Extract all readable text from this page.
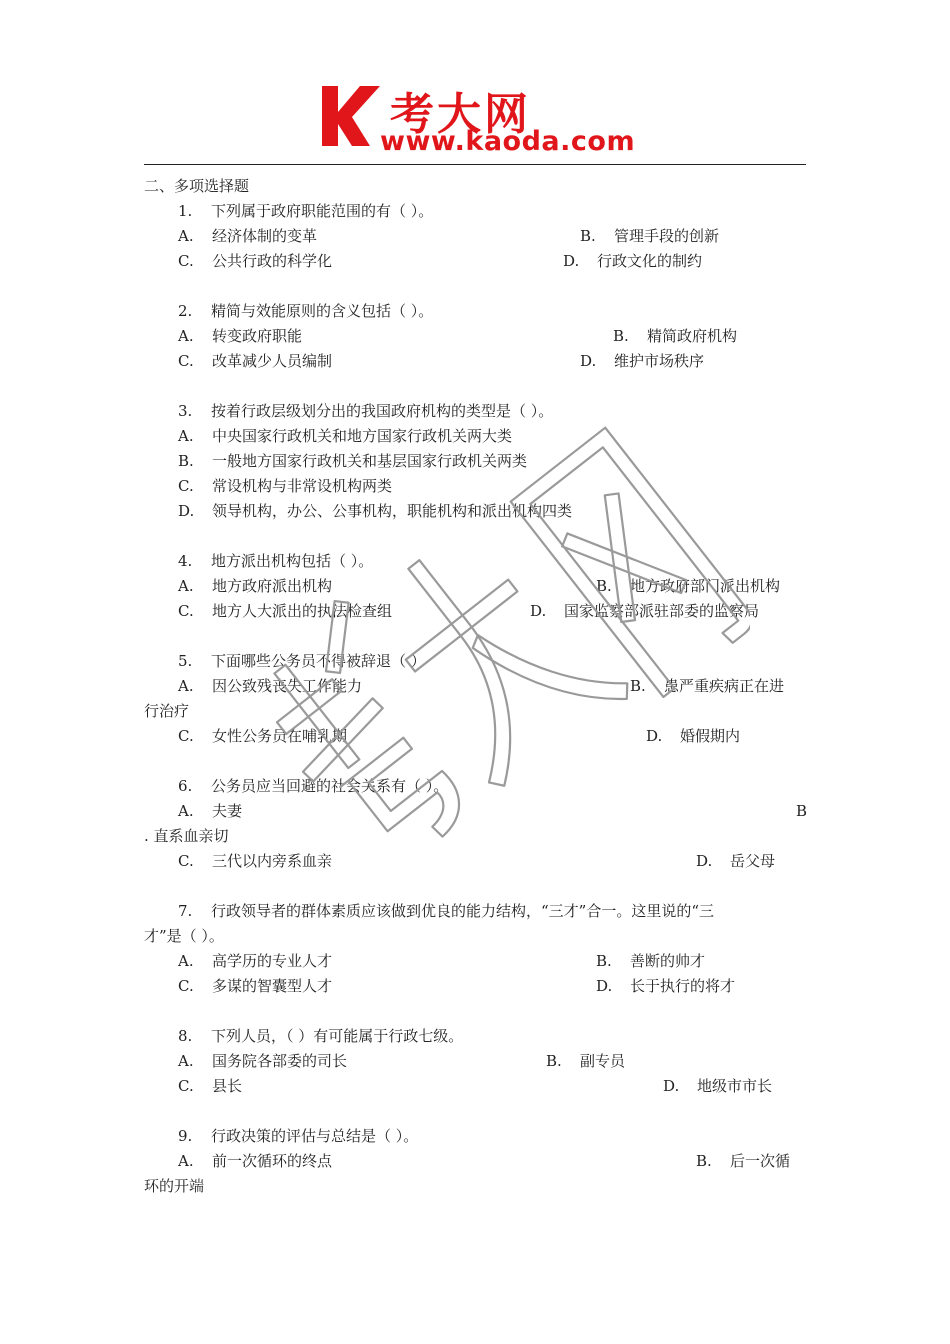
考大网
www.kaoda.com
二、多项选择题
1. 下列属于政府职能范围的有（ ）。
A. 经济体制的变革	B. 管理手段的创新
C. 公共行政的科学化	D. 行政文化的制约
2. 精简与效能原则的含义包括（ ）。
A. 转变政府职能	B. 精简政府机构
C. 改革减少人员编制	D. 维护市场秩序
3. 按着行政层级划分出的我国政府机构的类型是（ ）。
A. 中央国家行政机关和地方国家行政机关两大类
B. 一般地方国家行政机关和基层国家行政机关两类
C. 常设机构与非常设机构两类
D. 领导机构，办公、公事机构，职能机构和派出机构四类
4. 地方派出机构包括（ ）。
A. 地方政府派出机构	B. 地方政府部门派出机构
C. 地方人大派出的执法检查组	D. 国家监察部派驻部委的监察局
5. 下面哪些公务员不得被辞退（ ）
A. 因公致残丧失工作能力	B. 患严重疾病正在进
行治疗
C. 女性公务员在哺乳期	D. 婚假期内
6. 公务员应当回避的社会关系有（ ）。
A. 夫妻	B
. 直系血亲切
C. 三代以内旁系血亲	D. 岳父母
7. 行政领导者的群体素质应该做到优良的能力结构，“三才”合一。这里说的“三
才”是（ ）。
A. 高学历的专业人才	B. 善断的帅才
C. 多谋的智囊型人才	D. 长于执行的将才
8. 下列人员，（ ）有可能属于行政七级。
A. 国务院各部委的司长	B. 副专员
C. 县长	D. 地级市市长
9. 行政决策的评估与总结是（ ）。
A. 前一次循环的终点	B. 后一次循
环的开端
